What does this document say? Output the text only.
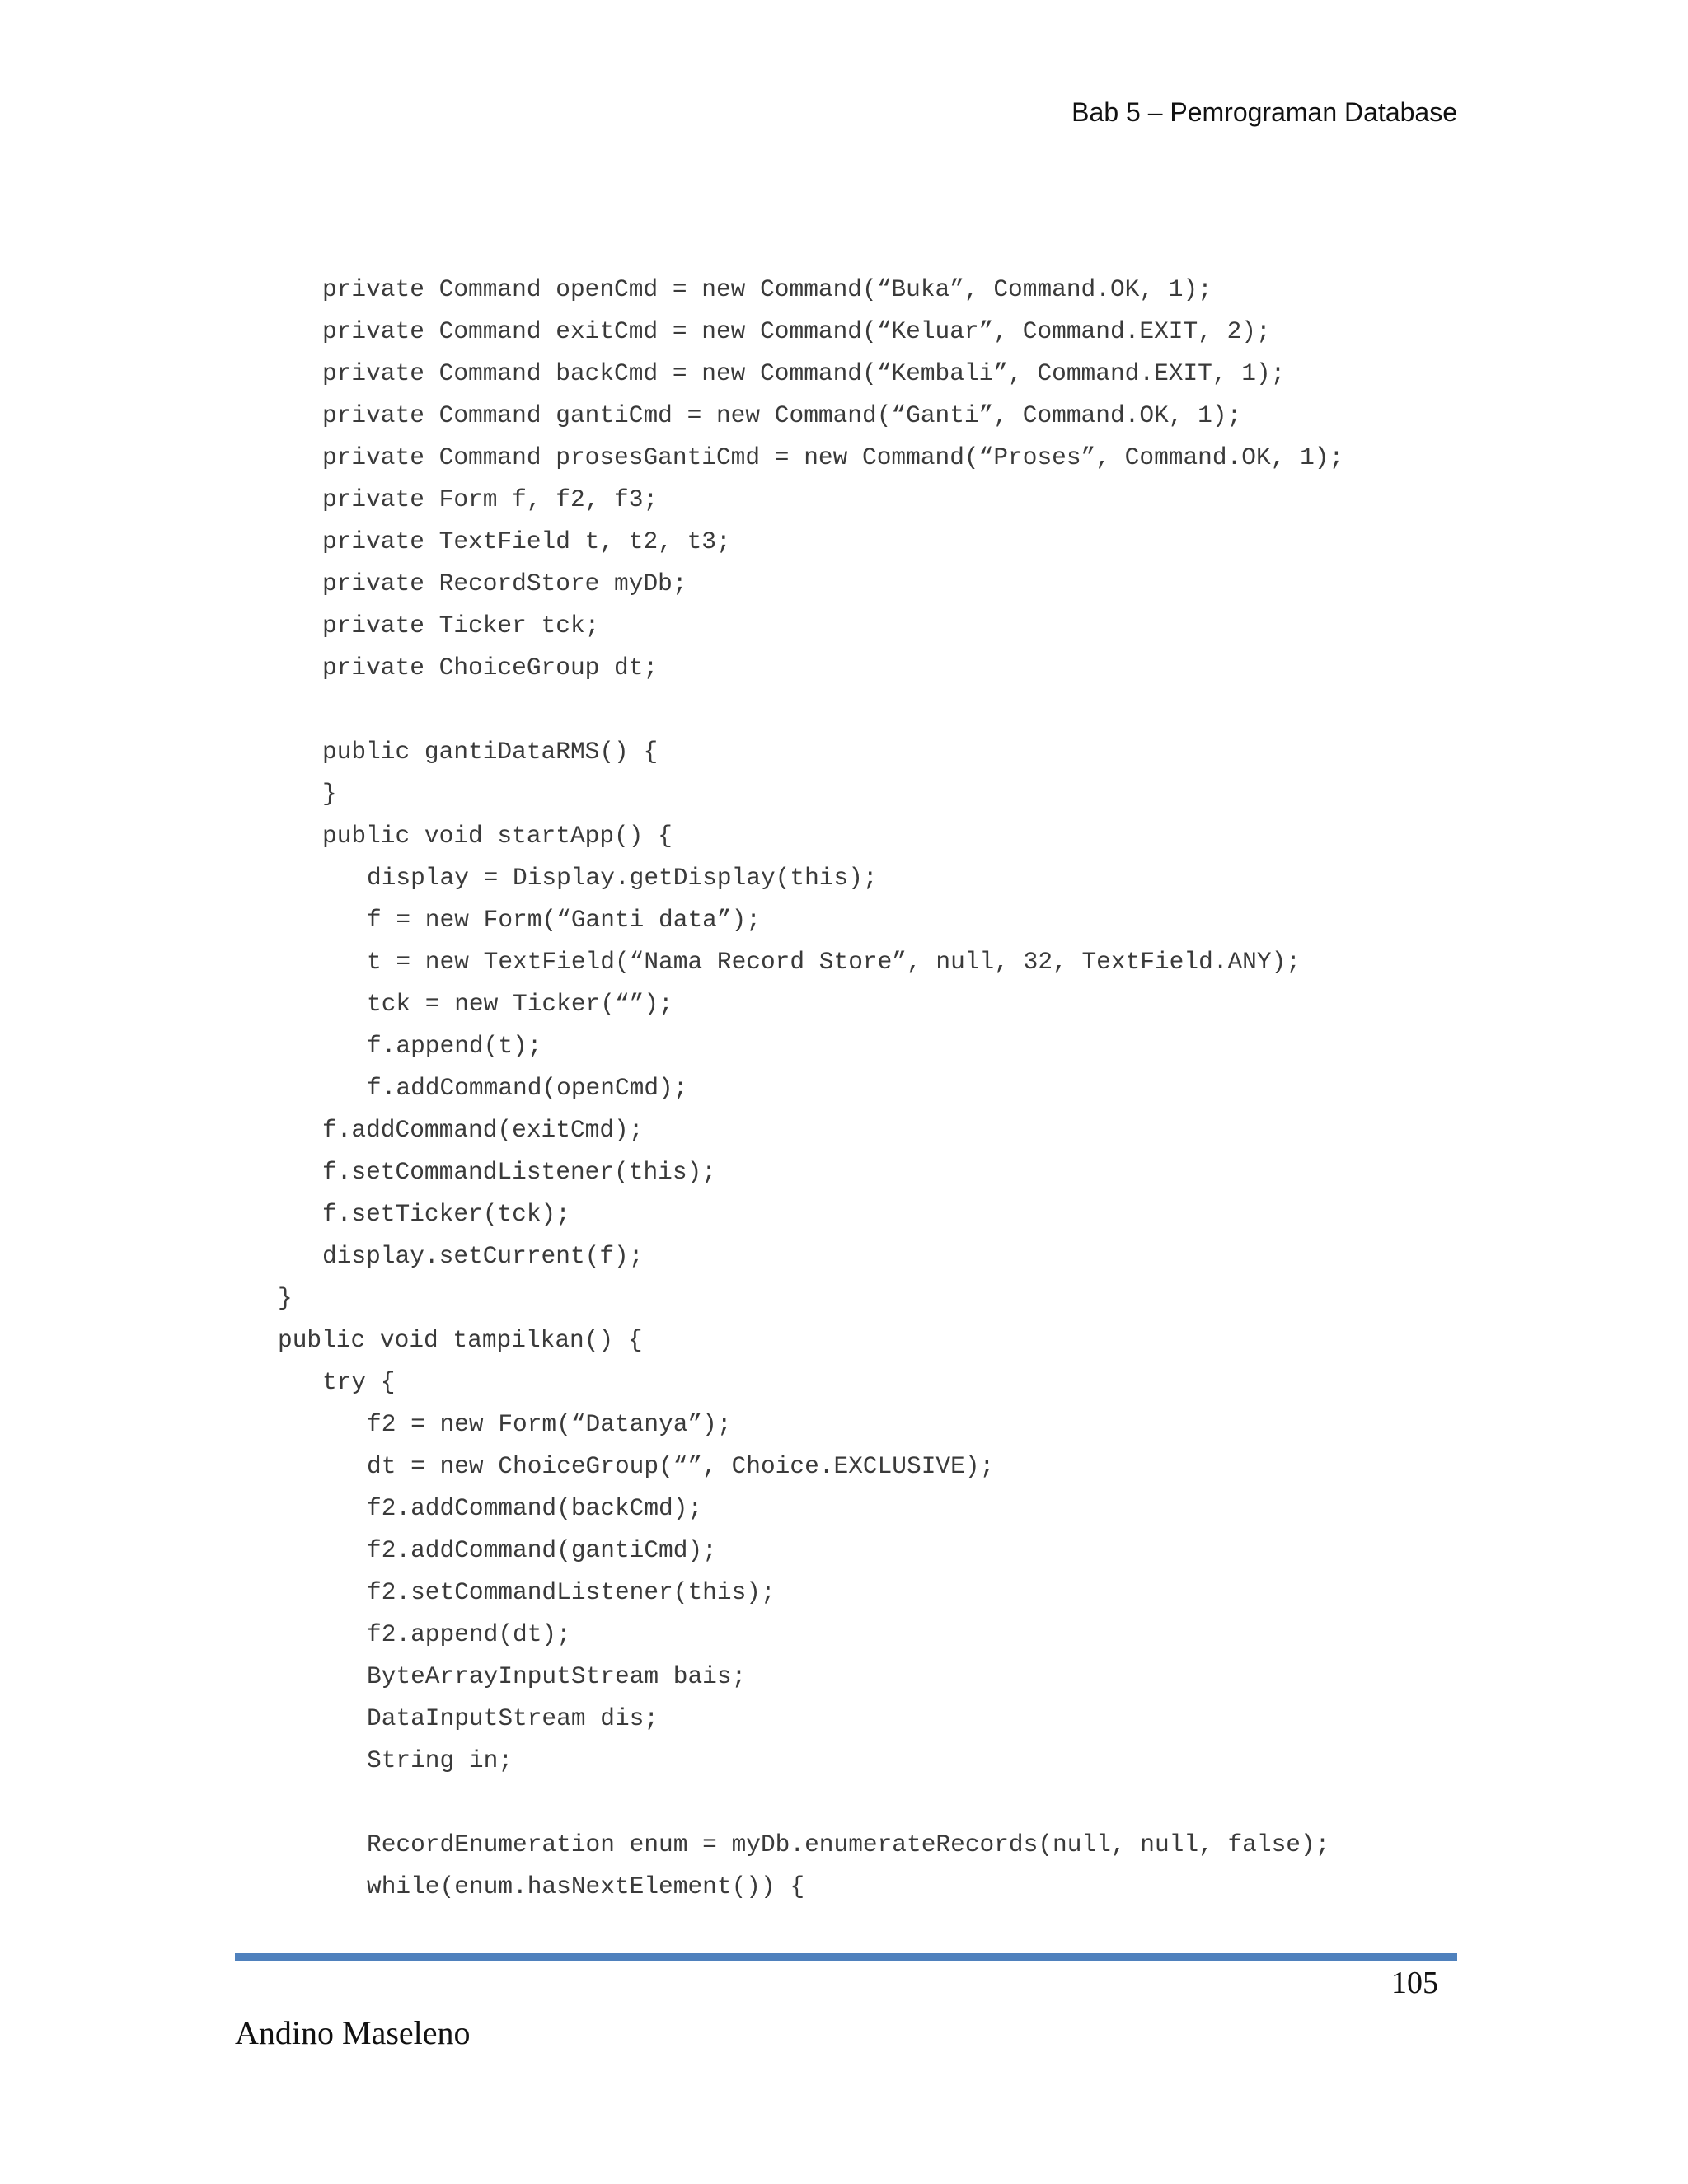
Bab 5 – Pemrograman Database
private Command openCmd = new Command(“Buka”, Command.OK, 1);
private Command exitCmd = new Command(“Keluar”, Command.EXIT, 2);
private Command backCmd = new Command(“Kembali”, Command.EXIT, 1);
private Command gantiCmd = new Command(“Ganti”, Command.OK, 1);
private Command prosesGantiCmd = new Command(“Proses”, Command.OK, 1);
private Form f, f2, f3;
private TextField t, t2, t3;
private RecordStore myDb;
private Ticker tck;
private ChoiceGroup dt;
public gantiDataRMS() {
}
public void startApp() {
display = Display.getDisplay(this);
f = new Form(“Ganti data”);
t = new TextField(“Nama Record Store”, null, 32, TextField.ANY);
tck = new Ticker(“”);
f.append(t);
f.addCommand(openCmd);
f.addCommand(exitCmd);
f.setCommandListener(this);
f.setTicker(tck);
display.setCurrent(f);
}
public void tampilkan() {
try {
f2 = new Form(“Datanya”);
dt = new ChoiceGroup(“”, Choice.EXCLUSIVE);
f2.addCommand(backCmd);
f2.addCommand(gantiCmd);
f2.setCommandListener(this);
f2.append(dt);
ByteArrayInputStream bais;
DataInputStream dis;
String in;
RecordEnumeration enum = myDb.enumerateRecords(null, null, false);
while(enum.hasNextElement()) {
105
Andino Maseleno
